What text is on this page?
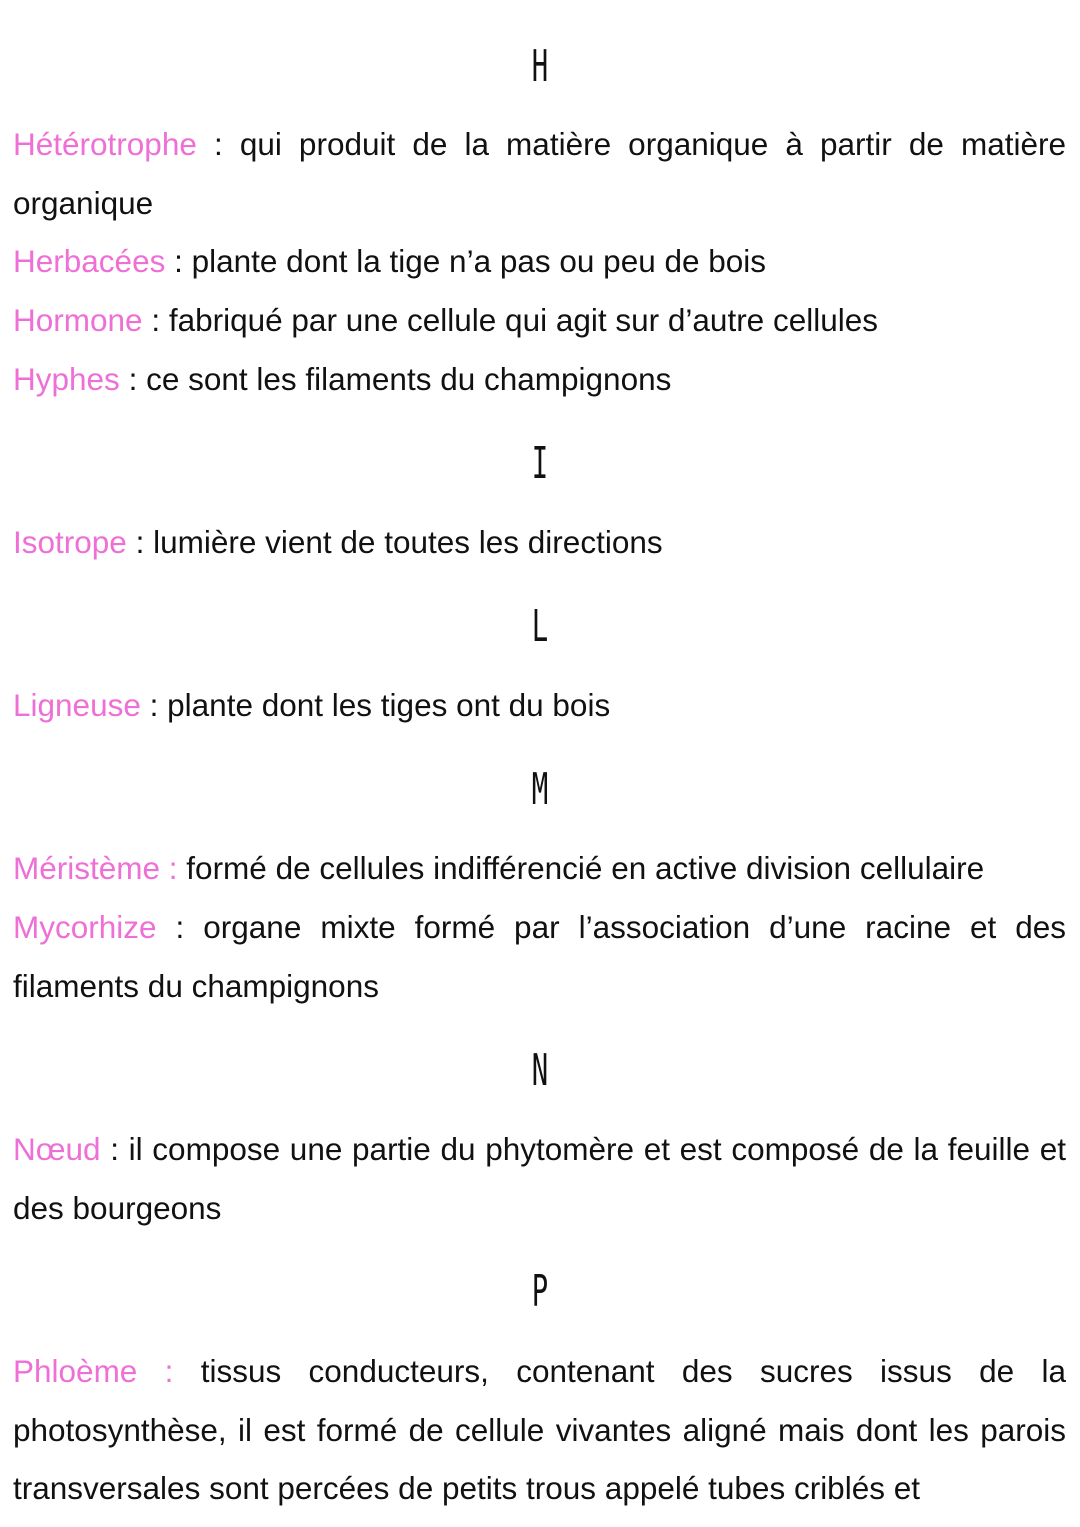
H

Hétérotrophe : qui produit de la matière organique à partir de matière organique

Herbacées : plante dont la tige n’a pas ou peu de bois

Hormone : fabriqué par une cellule qui agit sur d’autre cellules

Hyphes : ce sont les filaments du champignons

I

Isotrope : lumière vient de toutes les directions

L

Ligneuse : plante dont les tiges ont du bois

M

Méristème : formé de cellules indifférencié en active division cellulaire

Mycorhize : organe mixte formé par l’association d’une racine et des filaments du champignons

N

Nœud : il compose une partie du phytomère et est composé de la feuille et des bourgeons

P

Phloème : tissus conducteurs, contenant des sucres issus de la photosynthèse, il est formé de cellule vivantes aligné mais dont les parois transversales sont percées de petits trous appelé tubes criblés et
